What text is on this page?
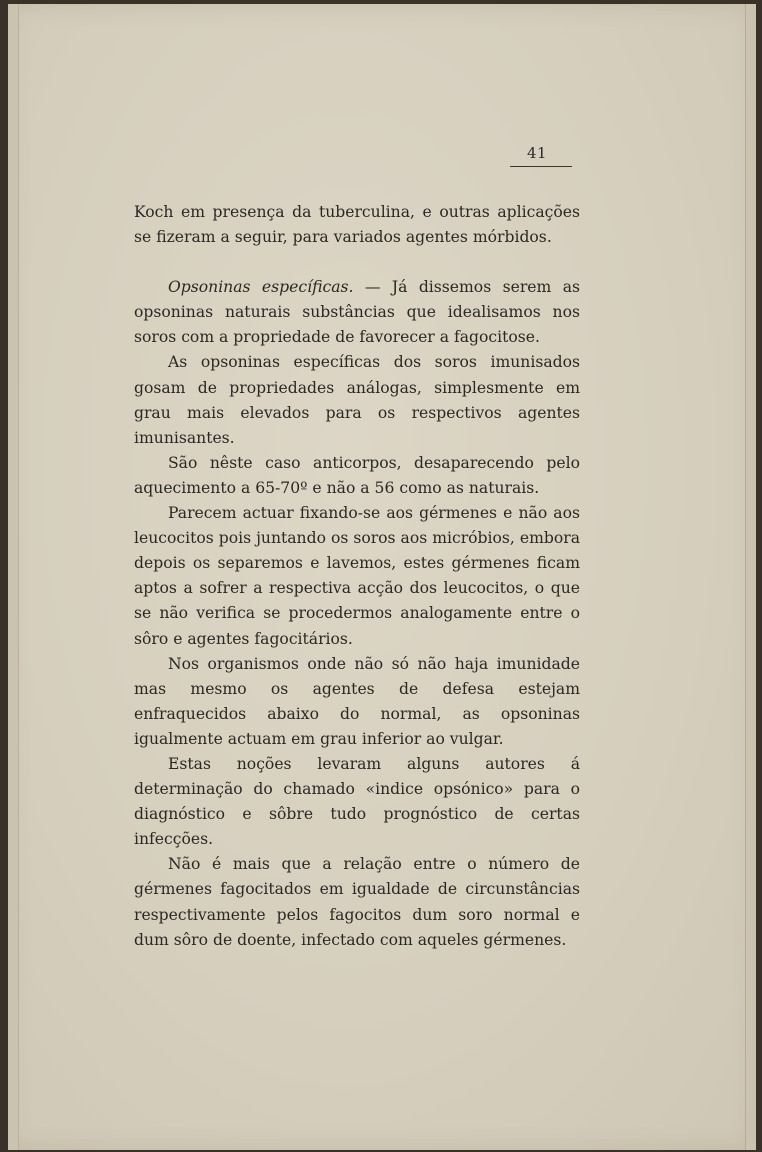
41

Koch em presença da tuberculina, e outras aplicações se fizeram a seguir, para variados agentes mórbidos.

Opsoninas específicas. — Já dissemos serem as opsoninas naturais substâncias que idealisamos nos soros com a propriedade de favorecer a fagocitose.

As opsoninas específicas dos soros imunisados gosam de propriedades análogas, simplesmente em grau mais elevados para os respectivos agentes imunisantes.

São nêste caso anticorpos, desaparecendo pelo aquecimento a 65-70º e não a 56 como as naturais.

Parecem actuar fixando-se aos gérmenes e não aos leucocitos pois juntando os soros aos micróbios, embora depois os separemos e lavemos, estes gérmenes ficam aptos a sofrer a respectiva acção dos leucocitos, o que se não verifica se procedermos analogamente entre o sôro e agentes fagocitários.

Nos organismos onde não só não haja imunidade mas mesmo os agentes de defesa estejam enfraquecidos abaixo do normal, as opsoninas igualmente actuam em grau inferior ao vulgar.

Estas noções levaram alguns autores á determinação do chamado «indice opsónico» para o diagnóstico e sôbre tudo prognóstico de certas infecções.

Não é mais que a relação entre o número de gérmenes fagocitados em igualdade de circunstâncias respectivamente pelos fagocitos dum soro normal e dum sôro de doente, infectado com aqueles gérmenes.
